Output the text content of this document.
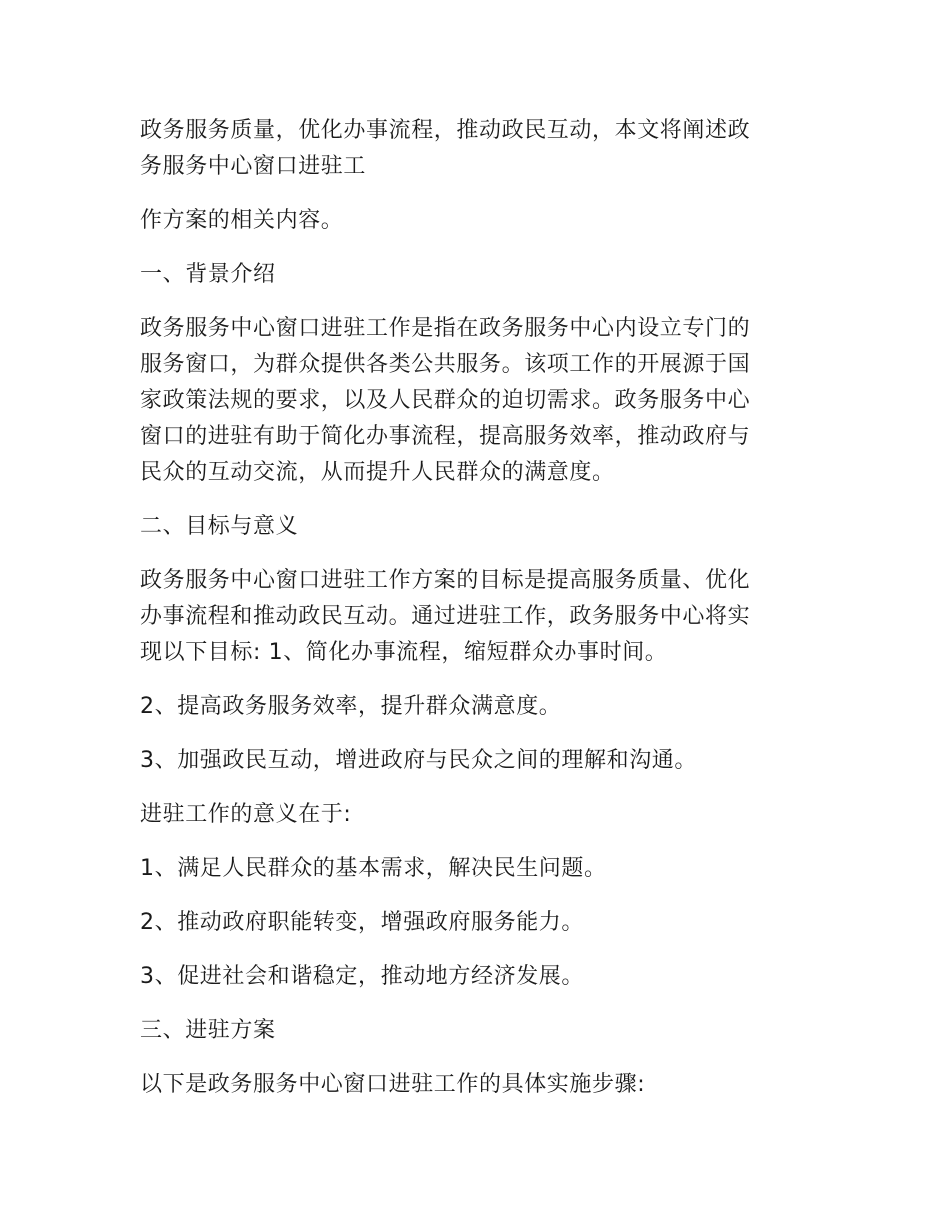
政务服务质量，优化办事流程，推动政民互动，本文将阐述政
务服务中心窗口进驻工

作方案的相关内容。

一、背景介绍

政务服务中心窗口进驻工作是指在政务服务中心内设立专门的
服务窗口，为群众提供各类公共服务。该项工作的开展源于国
家政策法规的要求，以及人民群众的迫切需求。政务服务中心
窗口的进驻有助于简化办事流程，提高服务效率，推动政府与
民众的互动交流，从而提升人民群众的满意度。

二、目标与意义

政务服务中心窗口进驻工作方案的目标是提高服务质量、优化
办事流程和推动政民互动。通过进驻工作，政务服务中心将实
现以下目标: 1、简化办事流程，缩短群众办事时间。

2、提高政务服务效率，提升群众满意度。

3、加强政民互动，增进政府与民众之间的理解和沟通。

进驻工作的意义在于:

1、满足人民群众的基本需求，解决民生问题。

2、推动政府职能转变，增强政府服务能力。

3、促进社会和谐稳定，推动地方经济发展。

三、进驻方案

以下是政务服务中心窗口进驻工作的具体实施步骤:
